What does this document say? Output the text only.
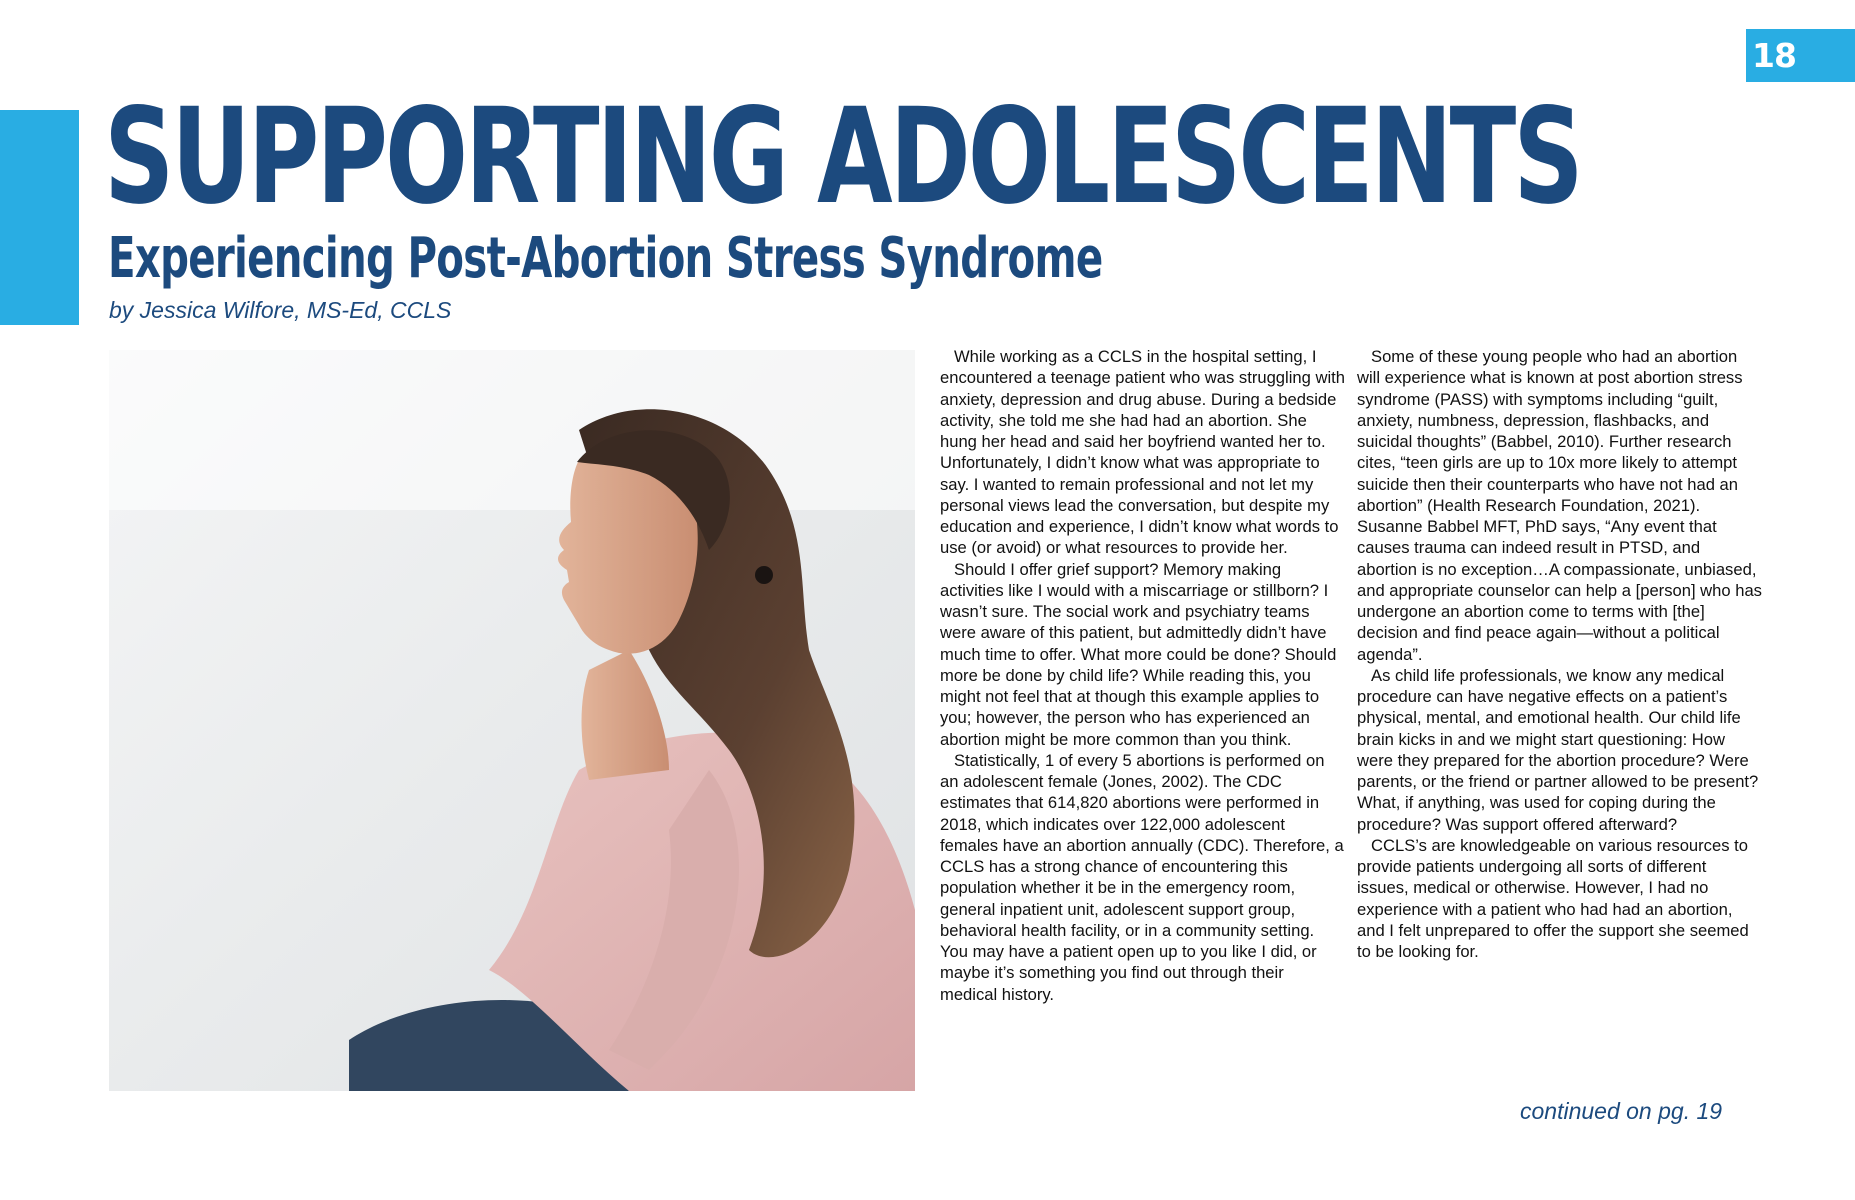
18
SUPPORTING ADOLESCENTS
Experiencing Post-Abortion Stress Syndrome
by Jessica Wilfore, MS-Ed, CCLS

While working as a CCLS in the hospital setting, I encountered a teenage patient who was struggling with anxiety, depression and drug abuse. During a bedside activity, she told me she had had an abortion. She hung her head and said her boyfriend wanted her to. Unfortunately, I didn’t know what was appropriate to say. I wanted to remain professional and not let my personal views lead the conversation, but despite my education and experience, I didn’t know what words to use (or avoid) or what resources to provide her.

Should I offer grief support? Memory making activities like I would with a miscarriage or stillborn? I wasn’t sure. The social work and psychiatry teams were aware of this patient, but admittedly didn’t have much time to offer. What more could be done? Should more be done by child life? While reading this, you might not feel that at though this example applies to you; however, the person who has experienced an abortion might be more common than you think.

Statistically, 1 of every 5 abortions is performed on an adolescent female (Jones, 2002). The CDC estimates that 614,820 abortions were performed in 2018, which indicates over 122,000 adolescent females have an abortion annually (CDC). Therefore, a CCLS has a strong chance of encountering this population whether it be in the emergency room, general inpatient unit, adolescent support group, behavioral health facility, or in a community setting. You may have a patient open up to you like I did, or maybe it’s something you find out through their medical history.

Some of these young people who had an abortion will experience what is known at post abortion stress syndrome (PASS) with symptoms including “guilt, anxiety, numbness, depression, flashbacks, and suicidal thoughts” (Babbel, 2010). Further research cites, “teen girls are up to 10x more likely to attempt suicide then their counterparts who have not had an abortion” (Health Research Foundation, 2021). Susanne Babbel MFT, PhD says, “Any event that causes trauma can indeed result in PTSD, and abortion is no exception…A compassionate, unbiased, and appropriate counselor can help a [person] who has undergone an abortion come to terms with [the] decision and find peace again—without a political agenda”.

As child life professionals, we know any medical procedure can have negative effects on a patient’s physical, mental, and emotional health. Our child life brain kicks in and we might start questioning: How were they prepared for the abortion procedure? Were parents, or the friend or partner allowed to be present? What, if anything, was used for coping during the procedure? Was support offered afterward?

CCLS’s are knowledgeable on various resources to provide patients undergoing all sorts of different issues, medical or otherwise. However, I had no experience with a patient who had had an abortion, and I felt unprepared to offer the support she seemed to be looking for.

continued on pg. 19
